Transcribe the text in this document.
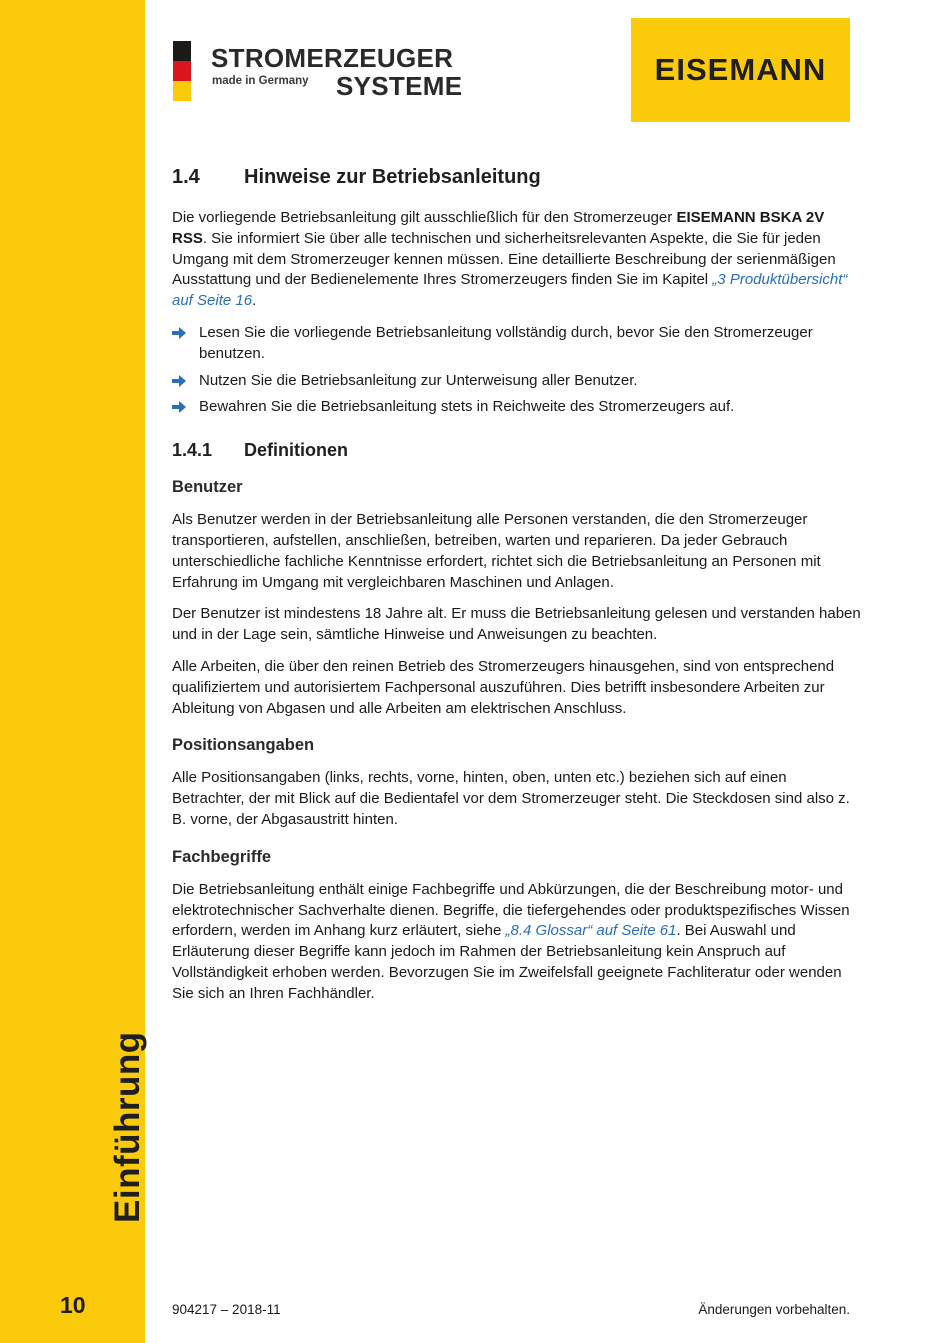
Einführung
10
STROMERZEUGER
made in Germany SYSTEME	EISEMANN
1.4 Hinweise zur Betriebsanleitung

Die vorliegende Betriebsanleitung gilt ausschließlich für den Stromerzeuger EISEMANN BSKA 2V RSS. Sie informiert Sie über alle technischen und sicherheitsrelevanten Aspekte, die Sie für jeden Umgang mit dem Stromerzeuger kennen müssen. Eine detaillierte Beschreibung der serienmäßigen Ausstattung und der Bedienelemente Ihres Stromerzeugers finden Sie im Kapitel „3 Produktübersicht“ auf Seite 16.

Lesen Sie die vorliegende Betriebsanleitung vollständig durch, bevor Sie den Stromerzeuger benutzen.
Nutzen Sie die Betriebsanleitung zur Unterweisung aller Benutzer.
Bewahren Sie die Betriebsanleitung stets in Reichweite des Stromerzeugers auf.
1.4.1 Definitionen
Benutzer

Als Benutzer werden in der Betriebsanleitung alle Personen verstanden, die den Stromerzeuger transportieren, aufstellen, anschließen, betreiben, warten und reparieren. Da jeder Gebrauch unterschiedliche fachliche Kenntnisse erfordert, richtet sich die Betriebsanleitung an Personen mit Erfahrung im Umgang mit vergleichbaren Maschinen und Anlagen.

Der Benutzer ist mindestens 18 Jahre alt. Er muss die Betriebsanleitung gelesen und verstanden haben und in der Lage sein, sämtliche Hinweise und Anweisungen zu beachten.

Alle Arbeiten, die über den reinen Betrieb des Stromerzeugers hinausgehen, sind von entsprechend qualifiziertem und autorisiertem Fachpersonal auszuführen. Dies betrifft insbesondere Arbeiten zur Ableitung von Abgasen und alle Arbeiten am elektrischen Anschluss.

Positionsangaben

Alle Positionsangaben (links, rechts, vorne, hinten, oben, unten etc.) beziehen sich auf einen Betrachter, der mit Blick auf die Bedientafel vor dem Stromerzeuger steht. Die Steckdosen sind also z. B. vorne, der Abgasaustritt hinten.

Fachbegriffe

Die Betriebsanleitung enthält einige Fachbegriffe und Abkürzungen, die der Beschreibung motor- und elektrotechnischer Sachverhalte dienen. Begriffe, die tiefergehendes oder produktspezifisches Wissen erfordern, werden im Anhang kurz erläutert, siehe „8.4 Glossar“ auf Seite 61. Bei Auswahl und Erläuterung dieser Begriffe kann jedoch im Rahmen der Betriebsanleitung kein Anspruch auf Vollständigkeit erhoben werden. Bevorzugen Sie im Zweifelsfall geeignete Fachliteratur oder wenden Sie sich an Ihren Fachhändler.

904217 – 2018-11	Änderungen vorbehalten.
